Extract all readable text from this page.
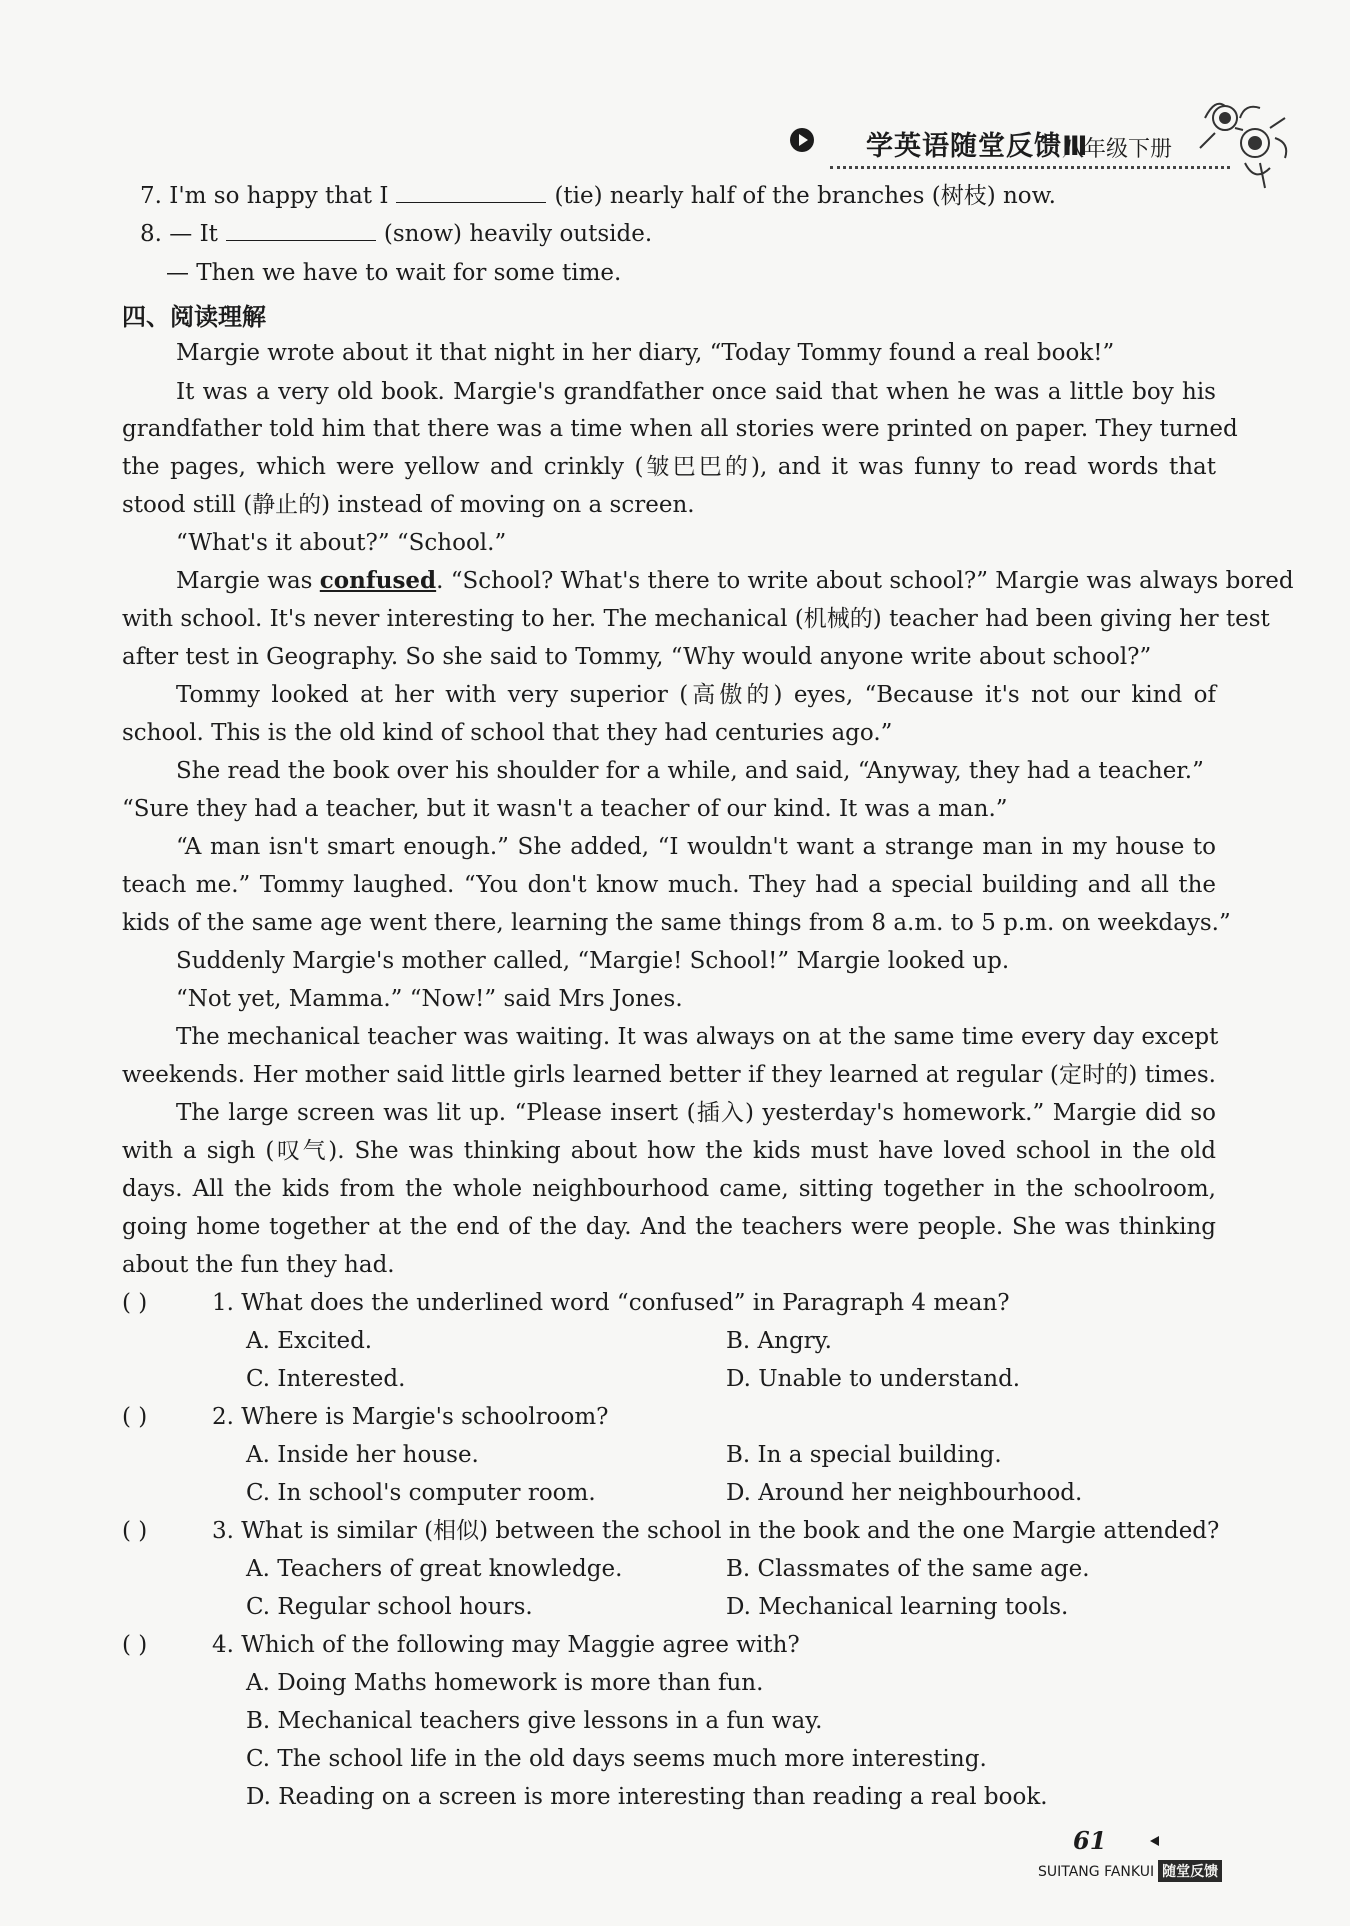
学英语随堂反馈Ⅲ
八年级下册
7. I'm so happy that I	(tie) nearly half of the branches (树枝) now.
8. — It	(snow) heavily outside.
— Then we have to wait for some time.
四、阅读理解
Margie wrote about it that night in her diary, “Today Tommy found a real book!”
It was a very old book. Margie's grandfather once said that when he was a little boy his
grandfather told him that there was a time when all stories were printed on paper. They turned
the pages, which were yellow and crinkly (皱巴巴的), and it was funny to read words that
stood still (静止的) instead of moving on a screen.
“What's it about?” “School.”
Margie was confused. “School? What's there to write about school?” Margie was always bored
with school. It's never interesting to her. The mechanical (机械的) teacher had been giving her test
after test in Geography. So she said to Tommy, “Why would anyone write about school?”
Tommy looked at her with very superior (高傲的) eyes, “Because it's not our kind of
school. This is the old kind of school that they had centuries ago.”
She read the book over his shoulder for a while, and said, “Anyway, they had a teacher.”
“Sure they had a teacher, but it wasn't a teacher of our kind. It was a man.”
“A man isn't smart enough.” She added, “I wouldn't want a strange man in my house to
teach me.” Tommy laughed. “You don't know much. They had a special building and all the
kids of the same age went there, learning the same things from 8 a.m. to 5 p.m. on weekdays.”
Suddenly Margie's mother called, “Margie! School!” Margie looked up.
“Not yet, Mamma.” “Now!” said Mrs Jones.
The mechanical teacher was waiting. It was always on at the same time every day except
weekends. Her mother said little girls learned better if they learned at regular (定时的) times.
The large screen was lit up. “Please insert (插入) yesterday's homework.” Margie did so
with a sigh (叹气). She was thinking about how the kids must have loved school in the old
days. All the kids from the whole neighbourhood came, sitting together in the schoolroom,
going home together at the end of the day. And the teachers were people. She was thinking
about the fun they had.
( )	1. What does the underlined word “confused” in Paragraph 4 mean?
A. Excited.	B. Angry.
C. Interested.	D. Unable to understand.
( )	2. Where is Margie's schoolroom?
A. Inside her house.	B. In a special building.
C. In school's computer room.	D. Around her neighbourhood.
( )	3. What is similar (相似) between the school in the book and the one Margie attended?
A. Teachers of great knowledge.	B. Classmates of the same age.
C. Regular school hours.	D. Mechanical learning tools.
( )	4. Which of the following may Maggie agree with?
A. Doing Maths homework is more than fun.
B. Mechanical teachers give lessons in a fun way.
C. The school life in the old days seems much more interesting.
D. Reading on a screen is more interesting than reading a real book.
61
SUITANG FANKUI 随堂反馈
